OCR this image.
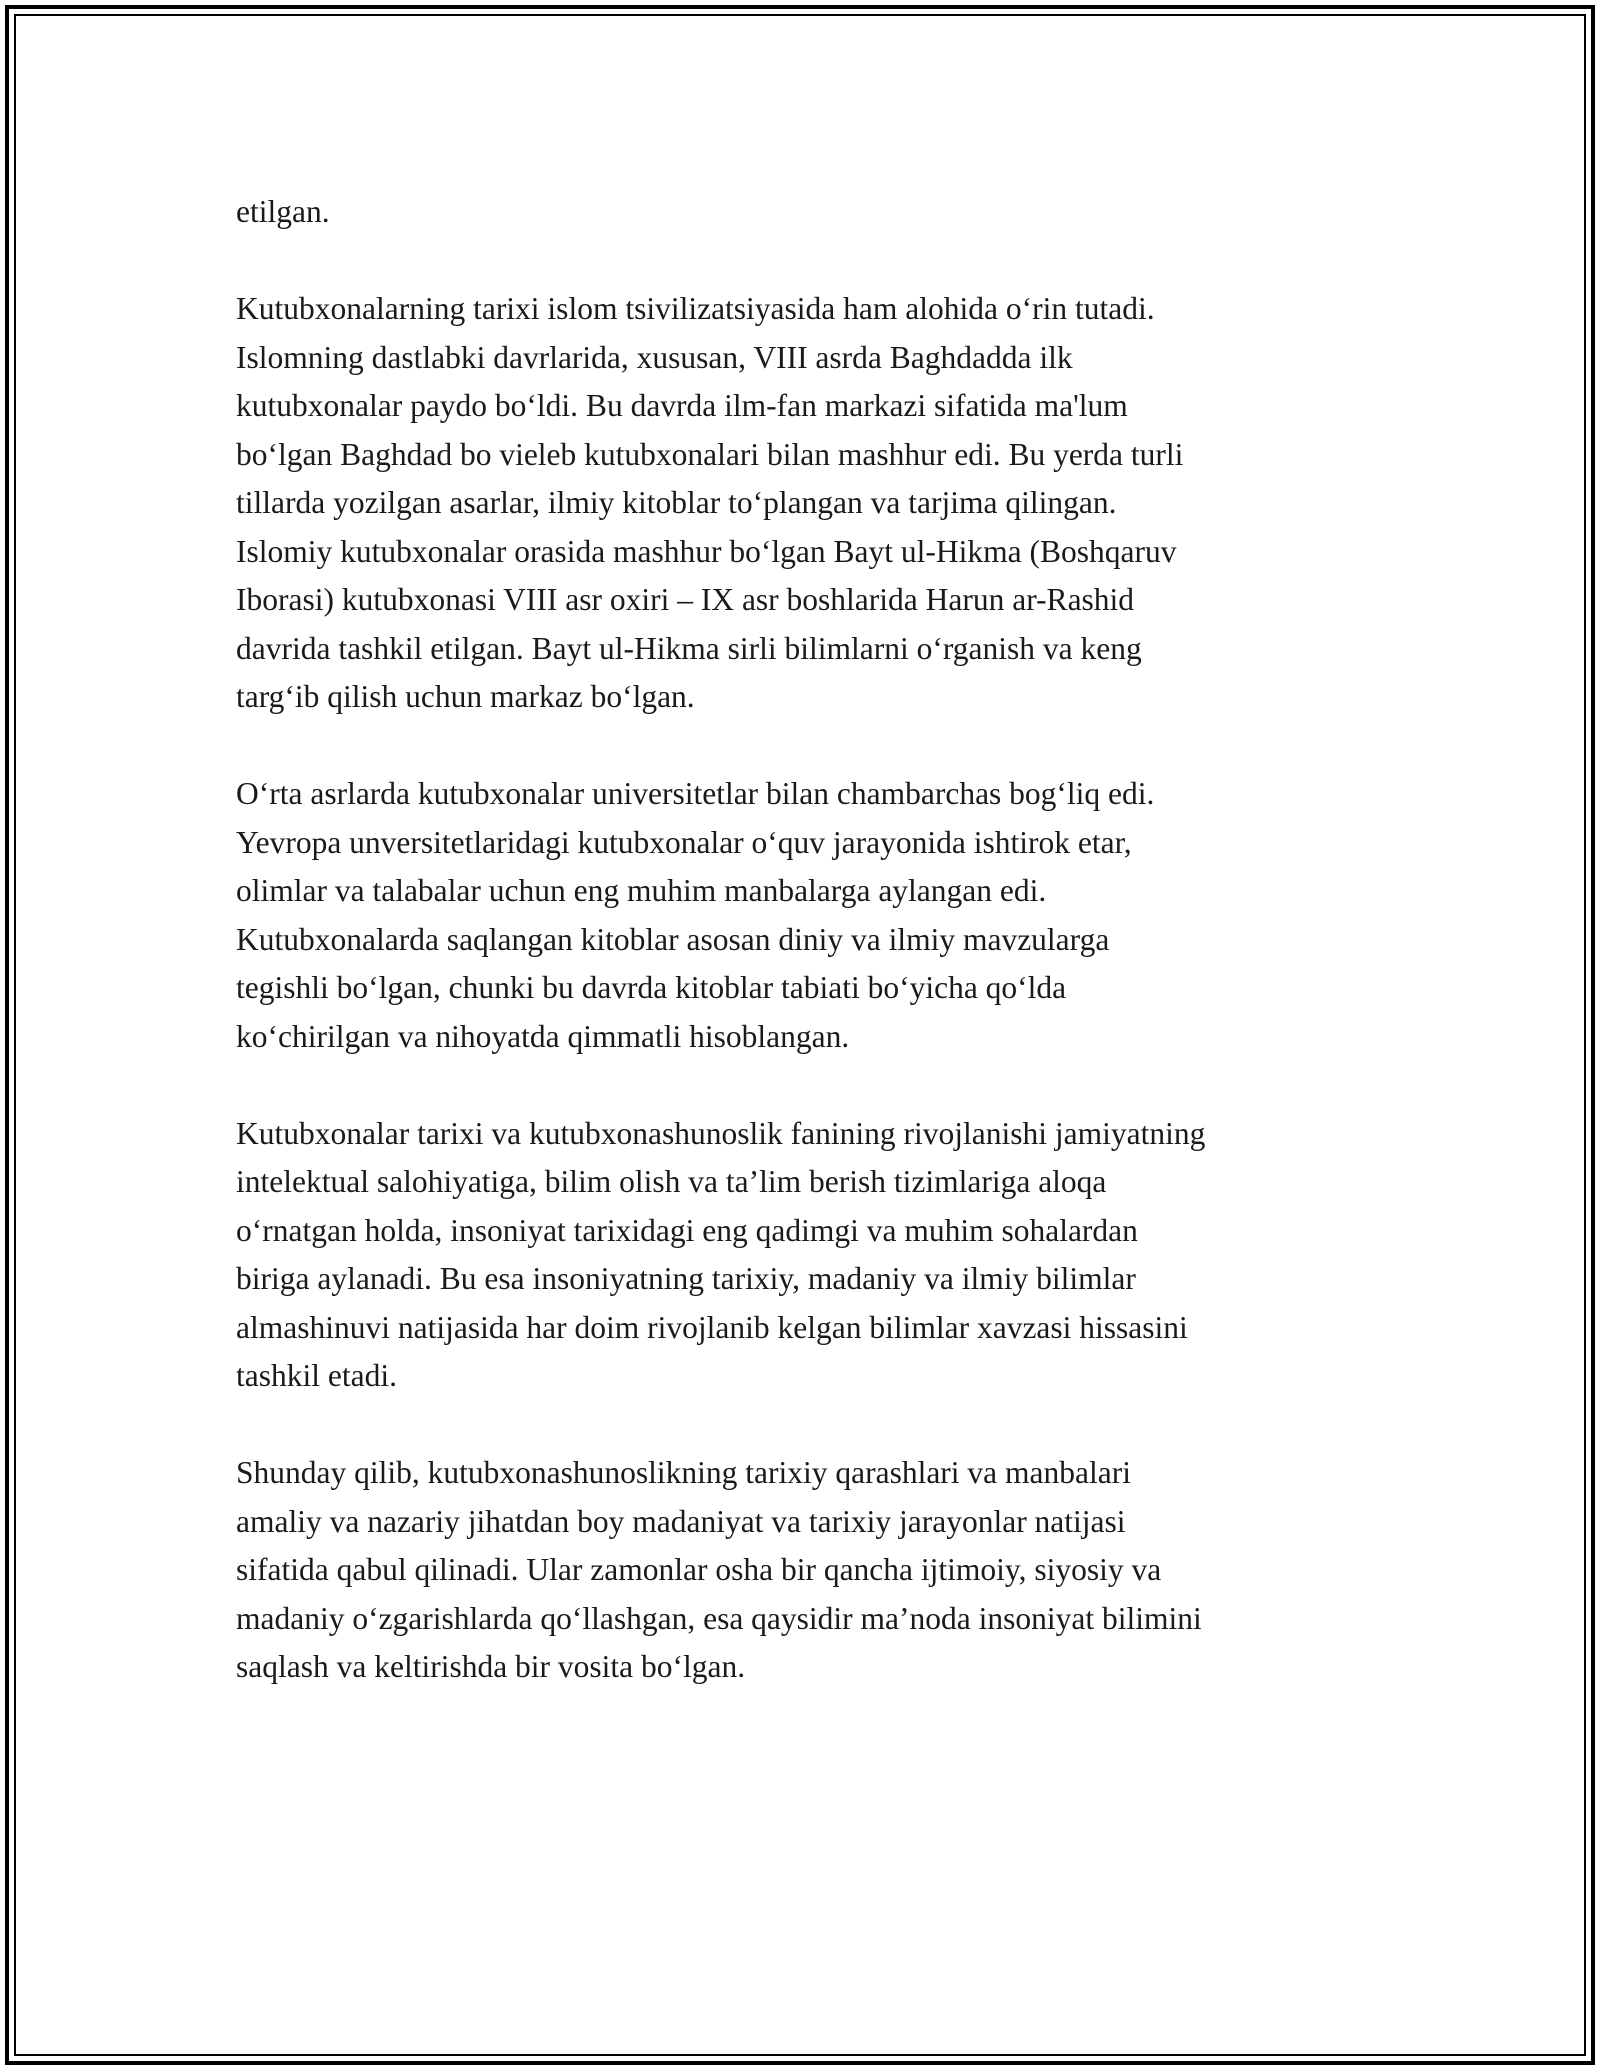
etilgan.

Kutubxonalarning tarixi islom tsivilizatsiyasida ham alohida o‘rin tutadi.
Islomning dastlabki davrlarida, xususan, VIII asrda Baghdadda ilk
kutubxonalar paydo bo‘ldi. Bu davrda ilm-fan markazi sifatida ma'lum
bo‘lgan Baghdad bo vieleb kutubxonalari bilan mashhur edi. Bu yerda turli
tillarda yozilgan asarlar, ilmiy kitoblar to‘plangan va tarjima qilingan.
Islomiy kutubxonalar orasida mashhur bo‘lgan Bayt ul-Hikma (Boshqaruv
Iborasi) kutubxonasi VIII asr oxiri – IX asr boshlarida Harun ar-Rashid
davrida tashkil etilgan. Bayt ul-Hikma sirli bilimlarni o‘rganish va keng
targ‘ib qilish uchun markaz bo‘lgan.

O‘rta asrlarda kutubxonalar universitetlar bilan chambarchas bog‘liq edi.
Yevropa unversitetlaridagi kutubxonalar o‘quv jarayonida ishtirok etar,
olimlar va talabalar uchun eng muhim manbalarga aylangan edi.
Kutubxonalarda saqlangan kitoblar asosan diniy va ilmiy mavzularga
tegishli bo‘lgan, chunki bu davrda kitoblar tabiati bo‘yicha qo‘lda
ko‘chirilgan va nihoyatda qimmatli hisoblangan.

Kutubxonalar tarixi va kutubxonashunoslik fanining rivojlanishi jamiyatning
intelektual salohiyatiga, bilim olish va ta’lim berish tizimlariga aloqa
o‘rnatgan holda, insoniyat tarixidagi eng qadimgi va muhim sohalardan
biriga aylanadi. Bu esa insoniyatning tarixiy, madaniy va ilmiy bilimlar
almashinuvi natijasida har doim rivojlanib kelgan bilimlar xavzasi hissasini
tashkil etadi.

Shunday qilib, kutubxonashunoslikning tarixiy qarashlari va manbalari
amaliy va nazariy jihatdan boy madaniyat va tarixiy jarayonlar natijasi
sifatida qabul qilinadi. Ular zamonlar osha bir qancha ijtimoiy, siyosiy va
madaniy o‘zgarishlarda qo‘llashgan, esa qaysidir ma’noda insoniyat bilimini
saqlash va keltirishda bir vosita bo‘lgan.
